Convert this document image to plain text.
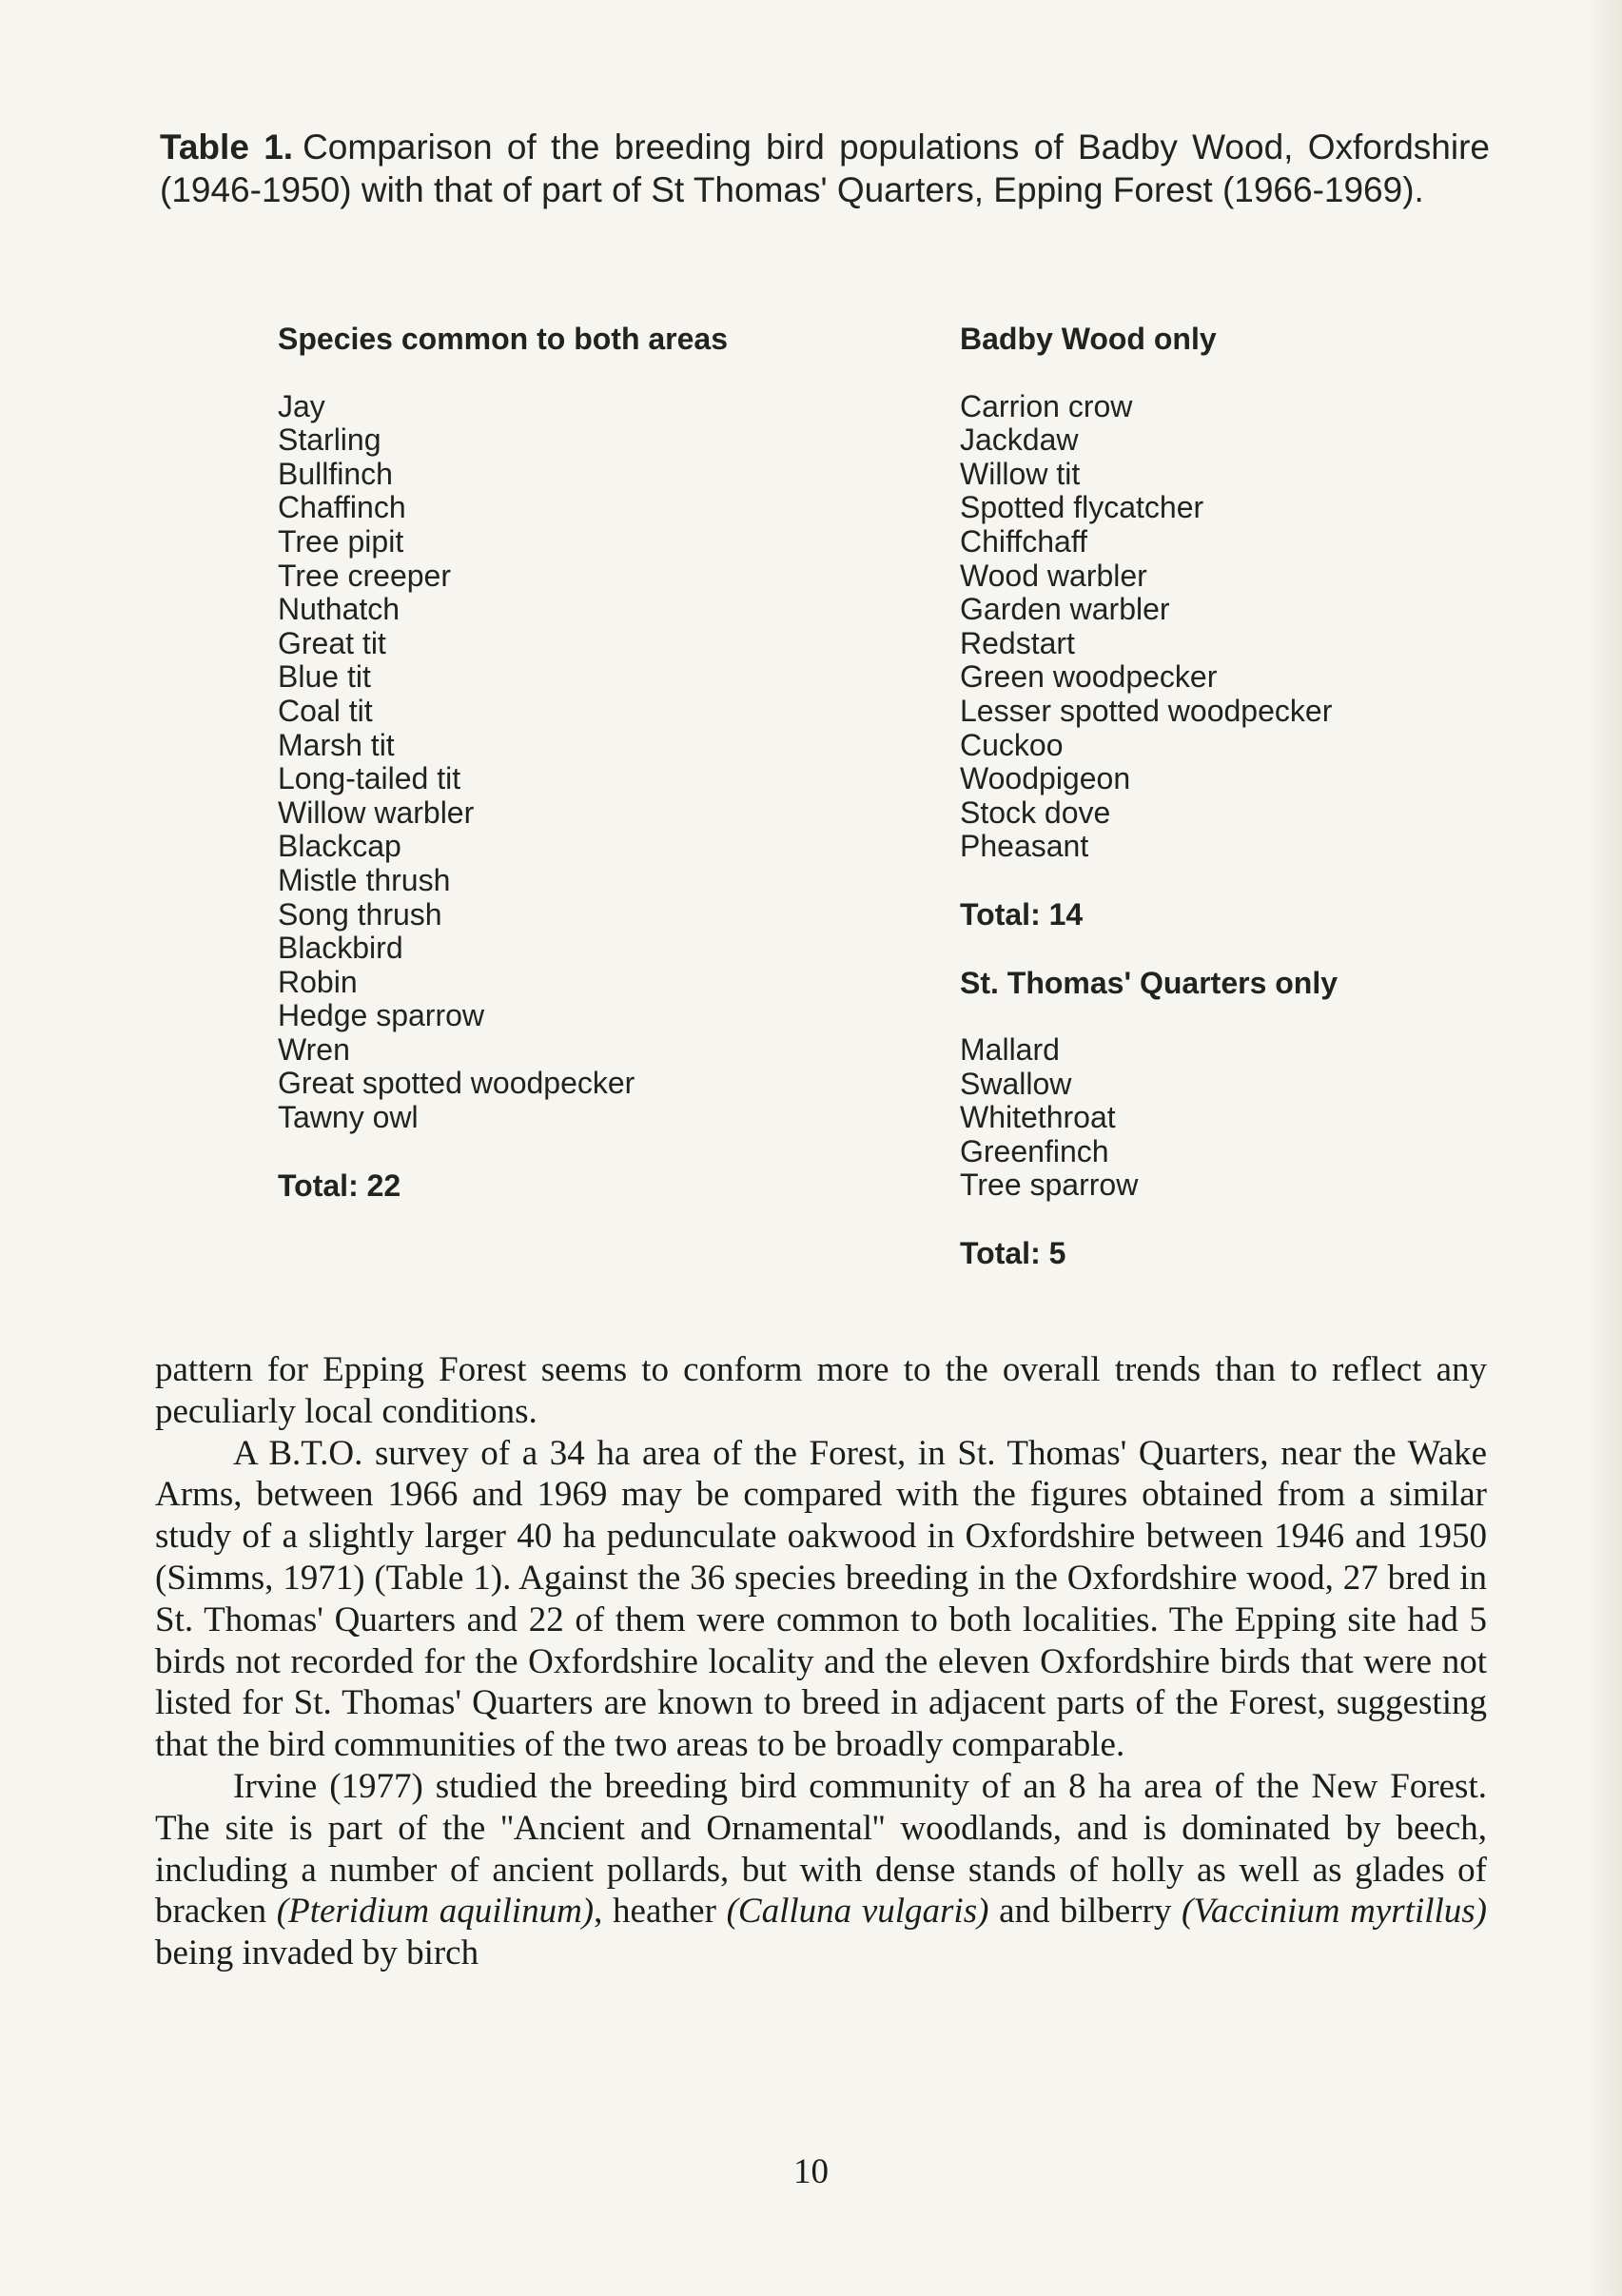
Table 1. Comparison of the breeding bird populations of Badby Wood, Oxfordshire (1946-1950) with that of part of St Thomas' Quarters, Epping Forest (1966-1969).
Species common to both areas
Jay
Starling
Bullfinch
Chaffinch
Tree pipit
Tree creeper
Nuthatch
Great tit
Blue tit
Coal tit
Marsh tit
Long-tailed tit
Willow warbler
Blackcap
Mistle thrush
Song thrush
Blackbird
Robin
Hedge sparrow
Wren
Great spotted woodpecker
Tawny owl
Total: 22
Badby Wood only
Carrion crow
Jackdaw
Willow tit
Spotted flycatcher
Chiffchaff
Wood warbler
Garden warbler
Redstart
Green woodpecker
Lesser spotted woodpecker
Cuckoo
Woodpigeon
Stock dove
Pheasant
Total: 14
St. Thomas' Quarters only
Mallard
Swallow
Whitethroat
Greenfinch
Tree sparrow
Total: 5

pattern for Epping Forest seems to conform more to the overall trends than to reflect any peculiarly local conditions.

A B.T.O. survey of a 34 ha area of the Forest, in St. Thomas' Quarters, near the Wake Arms, between 1966 and 1969 may be compared with the figures obtained from a similar study of a slightly larger 40 ha pedunculate oakwood in Oxfordshire between 1946 and 1950 (Simms, 1971) (Table 1). Against the 36 species breeding in the Oxfordshire wood, 27 bred in St. Thomas' Quarters and 22 of them were common to both localities. The Epping site had 5 birds not recorded for the Oxfordshire locality and the eleven Oxfordshire birds that were not listed for St. Thomas' Quarters are known to breed in adjacent parts of the Forest, suggesting that the bird communities of the two areas to be broadly comparable.

Irvine (1977) studied the breeding bird community of an 8 ha area of the New Forest. The site is part of the ''Ancient and Ornamental'' woodlands, and is dominated by beech, including a number of ancient pollards, but with dense stands of holly as well as glades of bracken (Pteridium aquilinum), heather (Calluna vulgaris) and bilberry (Vaccinium myrtillus) being invaded by birch

10
